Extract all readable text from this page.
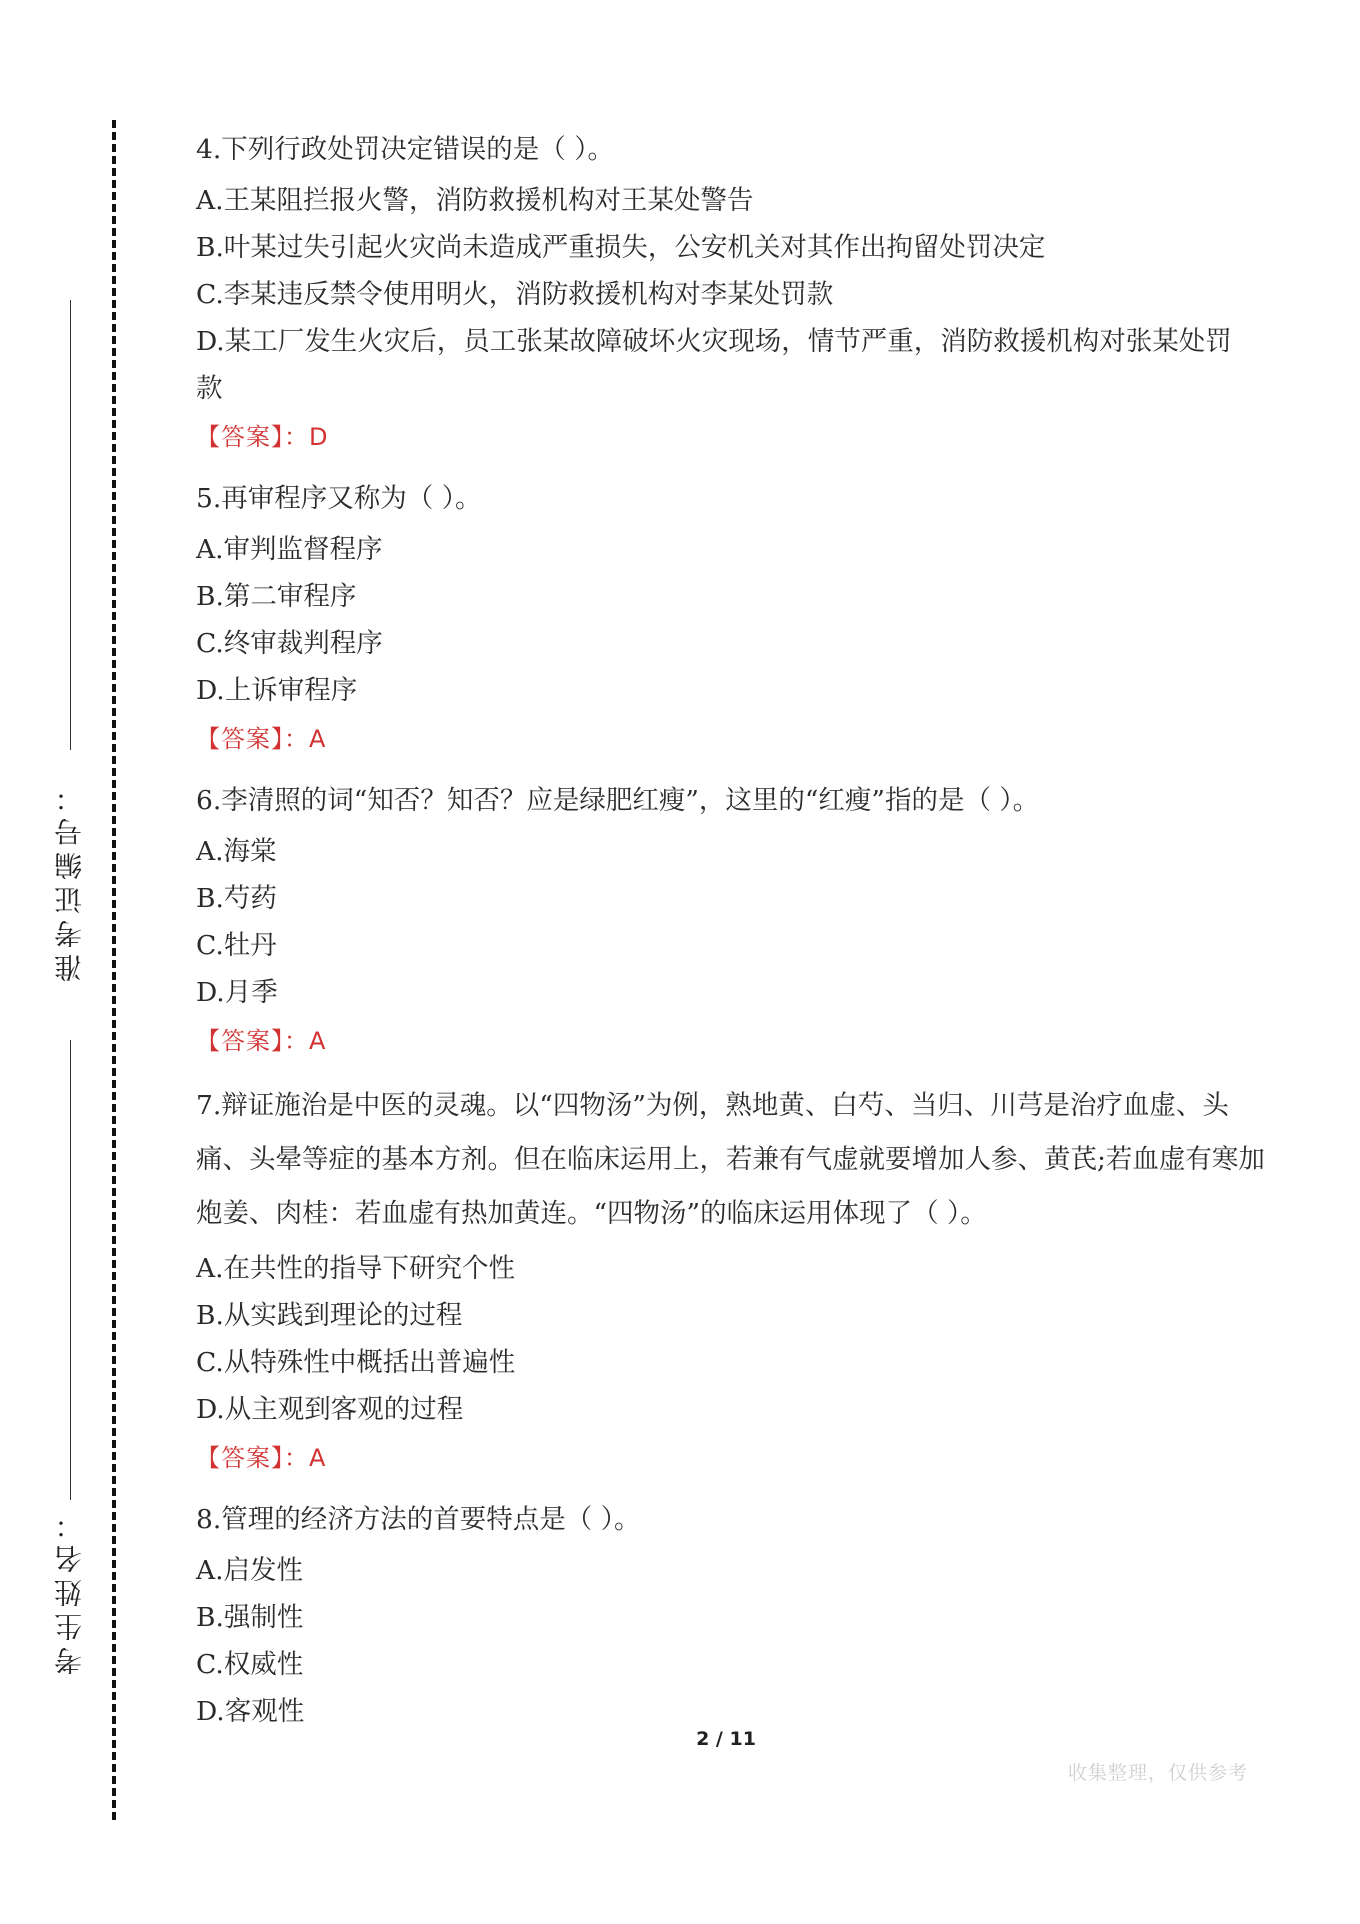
准考证编号：
考生姓名：
4.下列行政处罚决定错误的是（ ）。
A.王某阻拦报火警，消防救援机构对王某处警告
B.叶某过失引起火灾尚未造成严重损失，公安机关对其作出拘留处罚决定
C.李某违反禁令使用明火，消防救援机构对李某处罚款
D.某工厂发生火灾后，员工张某故障破坏火灾现场，情节严重，消防救援机构对张某处罚款
【答案】：D
5.再审程序又称为（ ）。
A.审判监督程序
B.第二审程序
C.终审裁判程序
D.上诉审程序
【答案】：A
6.李清照的词“知否？知否？应是绿肥红瘦”，这里的“红瘦”指的是（ ）。
A.海棠
B.芍药
C.牡丹
D.月季
【答案】：A
7.辩证施治是中医的灵魂。以“四物汤”为例，熟地黄、白芍、当归、川芎是治疗血虚、头痛、头晕等症的基本方剂。但在临床运用上，若兼有气虚就要增加人参、黄芪;若血虚有寒加炮姜、肉桂：若血虚有热加黄连。“四物汤”的临床运用体现了（ ）。
A.在共性的指导下研究个性
B.从实践到理论的过程
C.从特殊性中概括出普遍性
D.从主观到客观的过程
【答案】：A
8.管理的经济方法的首要特点是（ ）。
A.启发性
B.强制性
C.权威性
D.客观性
2 / 11
收集整理，仅供参考
